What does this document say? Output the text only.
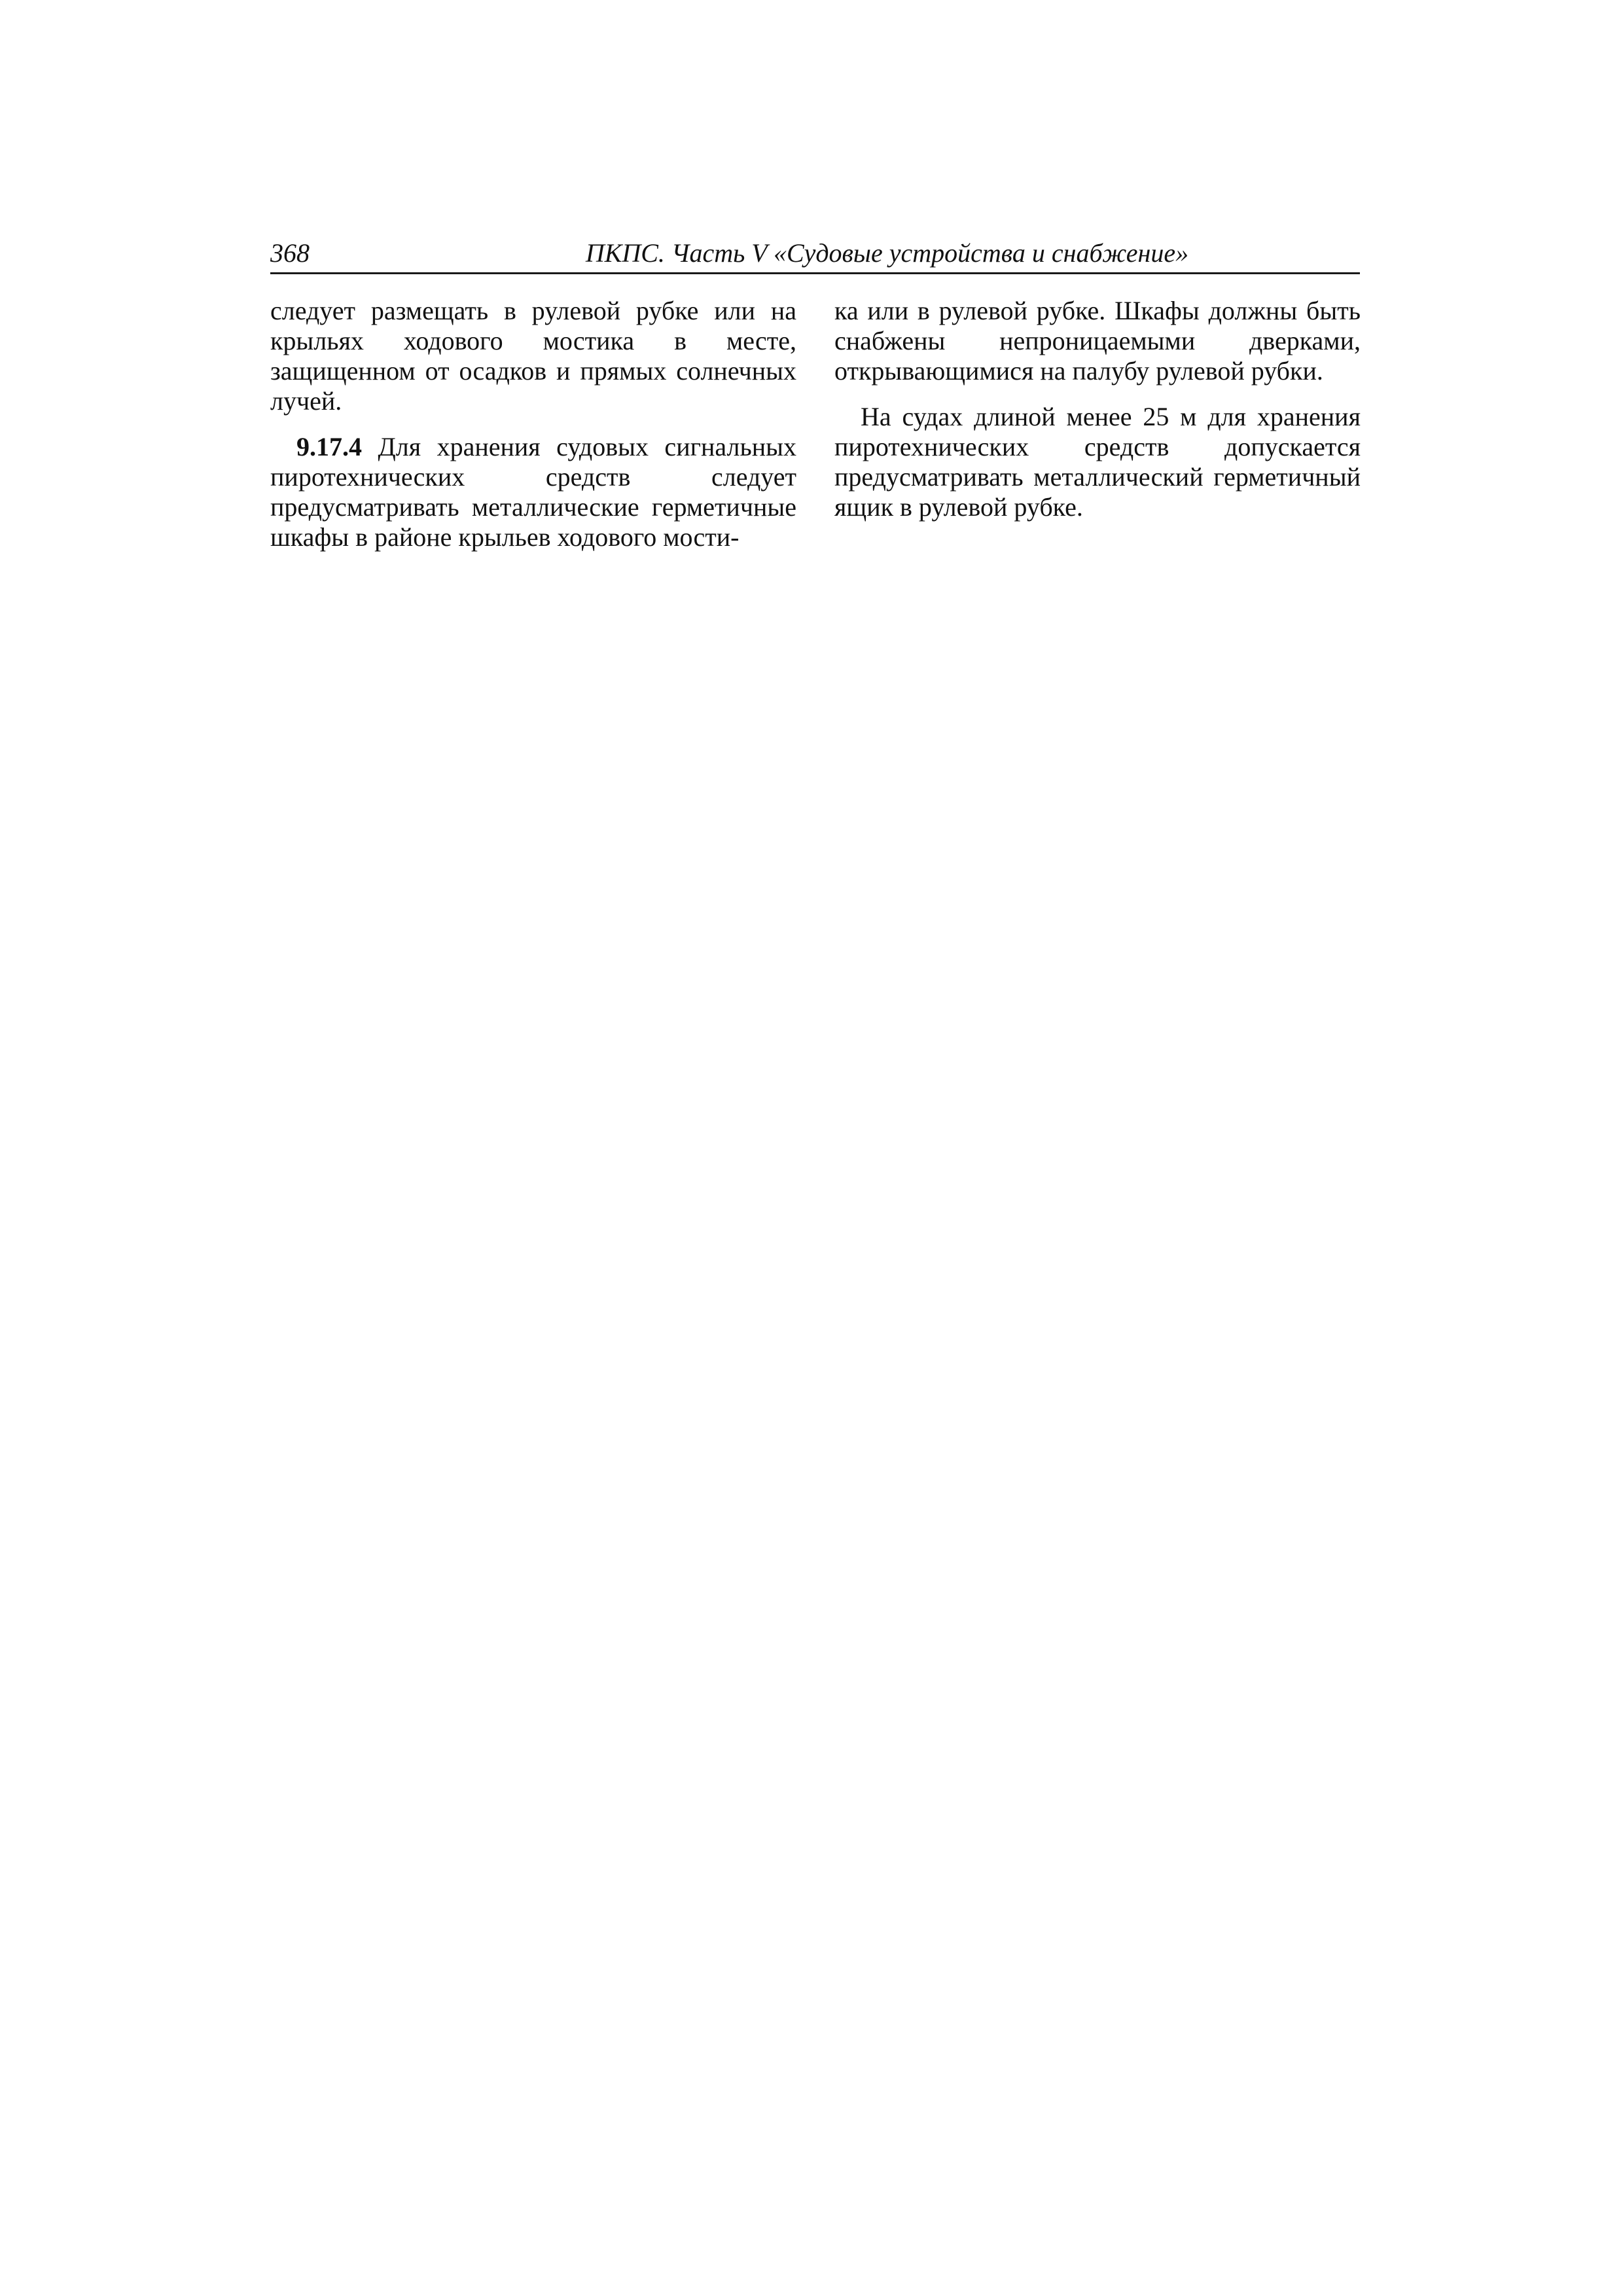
368	ПКПС. Часть V «Судовые устройства и снабжение»

следует размещать в рулевой рубке или на крыльях ходового мостика в месте, защищенном от осадков и прямых солнечных лучей.

9.17.4 Для хранения судовых сигнальных пиротехнических средств следует предусматривать металлические герметичные шкафы в районе крыльев ходового мости-

ка или в рулевой рубке. Шкафы должны быть снабжены непроницаемыми дверками, открывающимися на палубу рулевой рубки.

На судах длиной менее 25 м для хранения пиротехнических средств допускается предусматривать металлический герметичный ящик в рулевой рубке.
